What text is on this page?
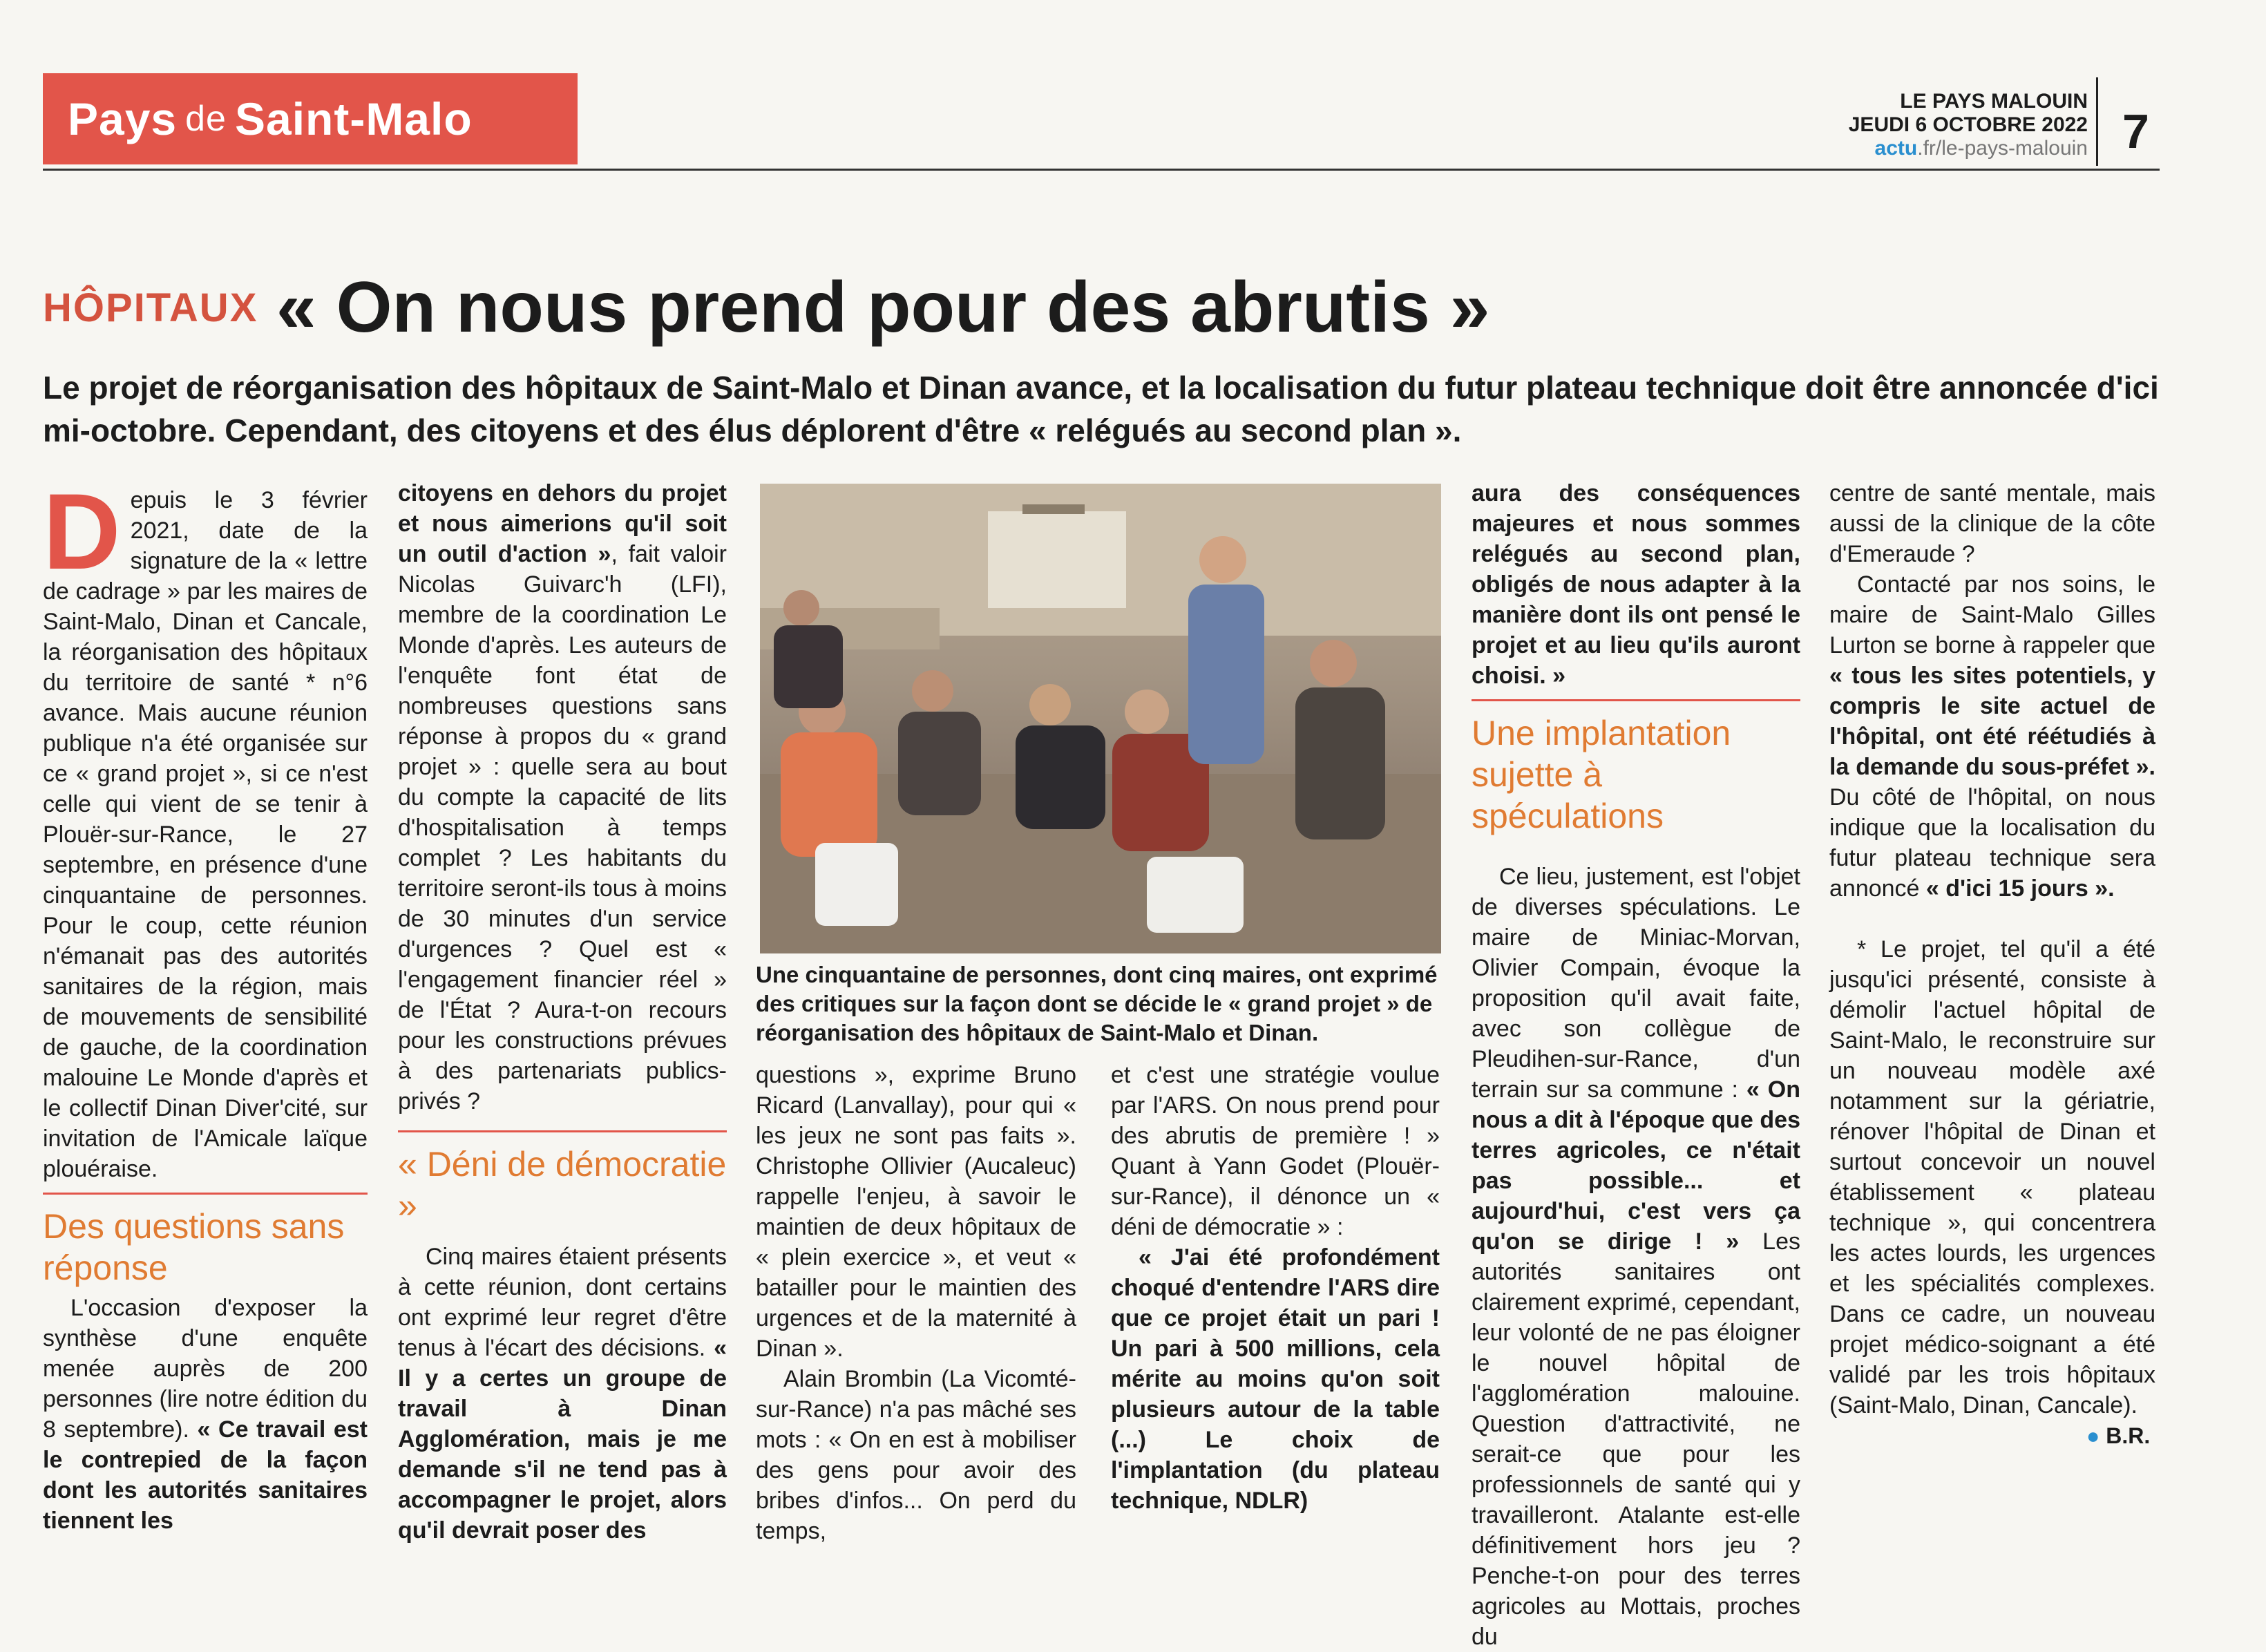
Pays de Saint-Malo	LE PAYS MALOUIN
JEUDI 6 OCTOBRE 2022
actu.fr/le-pays-malouin 7
HÔPITAUX « On nous prend pour des abrutis »
Le projet de réorganisation des hôpitaux de Saint-Malo et Dinan avance, et la localisation du futur plateau technique doit être annoncée d'ici mi-octobre. Cependant, des citoyens et des élus déplorent d'être « relégués au second plan ».

Depuis le 3 février 2021, date de la signature de la « lettre de cadrage » par les maires de Saint-Malo, Dinan et Cancale, la réorganisation des hôpitaux du territoire de santé * n°6 avance. Mais aucune réunion publique n'a été organisée sur ce « grand projet », si ce n'est celle qui vient de se tenir à Plouër-sur-Rance, le 27 septembre, en présence d'une cinquantaine de personnes. Pour le coup, cette réunion n'émanait pas des autorités sanitaires de la région, mais de mouvements de sensibilité de gauche, de la coordination malouine Le Monde d'après et le collectif Dinan Diver'cité, sur invitation de l'Amicale laïque plouéraise.

Des questions sans réponse

L'occasion d'exposer la synthèse d'une enquête menée auprès de 200 personnes (lire notre édition du 8 septembre). « Ce travail est le contrepied de la façon dont les autorités sanitaires tiennent les

citoyens en dehors du projet et nous aimerions qu'il soit un outil d'action », fait valoir Nicolas Guivarc'h (LFI), membre de la coordination Le Monde d'après. Les auteurs de l'enquête font état de nombreuses questions sans réponse à propos du « grand projet » : quelle sera au bout du compte la capacité de lits d'hospitalisation à temps complet ? Les habitants du territoire seront-ils tous à moins de 30 minutes d'un service d'urgences ? Quel est « l'engagement financier réel » de l'État ? Aura-t-on recours pour les constructions prévues à des partenariats publics-privés ?

« Déni de démocratie »

Cinq maires étaient présents à cette réunion, dont certains ont exprimé leur regret d'être tenus à l'écart des décisions. « Il y a certes un groupe de travail à Dinan Agglomération, mais je me demande s'il ne tend pas à accompagner le projet, alors qu'il devrait poser des

Une cinquantaine de personnes, dont cinq maires, ont exprimé des critiques sur la façon dont se décide le « grand projet » de réorganisation des hôpitaux de Saint-Malo et Dinan.

questions », exprime Bruno Ricard (Lanvallay), pour qui « les jeux ne sont pas faits ». Christophe Ollivier (Aucaleuc) rappelle l'enjeu, à savoir le maintien de deux hôpitaux de « plein exercice », et veut « batailler pour le maintien des urgences et de la maternité à Dinan ».

Alain Brombin (La Vicomté-sur-Rance) n'a pas mâché ses mots : « On en est à mobiliser des gens pour avoir des bribes d'infos... On perd du temps,

et c'est une stratégie voulue par l'ARS. On nous prend pour des abrutis de première ! » Quant à Yann Godet (Plouër-sur-Rance), il dénonce un « déni de démocratie » :

« J'ai été profondément choqué d'entendre l'ARS dire que ce projet était un pari ! Un pari à 500 millions, cela mérite au moins qu'on soit plusieurs autour de la table (...) Le choix de l'implantation (du plateau technique, NDLR)

aura des conséquences majeures et nous sommes relégués au second plan, obligés de nous adapter à la manière dont ils ont pensé le projet et au lieu qu'ils auront choisi. »

Une implantation sujette à spéculations

Ce lieu, justement, est l'objet de diverses spéculations. Le maire de Miniac-Morvan, Olivier Compain, évoque la proposition qu'il avait faite, avec son collègue de Pleudihen-sur-Rance, d'un terrain sur sa commune : « On nous a dit à l'époque que des terres agricoles, ce n'était pas possible... et aujourd'hui, c'est vers ça qu'on se dirige ! » Les autorités sanitaires ont clairement exprimé, cependant, leur volonté de ne pas éloigner le nouvel hôpital de l'agglomération malouine. Question d'attractivité, ne serait-ce que pour les professionnels de santé qui y travailleront. Atalante est-elle définitivement hors jeu ? Penche-t-on pour des terres agricoles au Mottais, proches du

centre de santé mentale, mais aussi de la clinique de la côte d'Emeraude ?

Contacté par nos soins, le maire de Saint-Malo Gilles Lurton se borne à rappeler que « tous les sites potentiels, y compris le site actuel de l'hôpital, ont été réétudiés à la demande du sous-préfet ». Du côté de l'hôpital, on nous indique que la localisation du futur plateau technique sera annoncé « d'ici 15 jours ».

* Le projet, tel qu'il a été jusqu'ici présenté, consiste à démolir l'actuel hôpital de Saint-Malo, le reconstruire sur un nouveau modèle axé notamment sur la gériatrie, rénover l'hôpital de Dinan et surtout concevoir un nouvel établissement « plateau technique », qui concentrera les actes lourds, les urgences et les spécialités complexes. Dans ce cadre, un nouveau projet médico-soignant a été validé par les trois hôpitaux (Saint-Malo, Dinan, Cancale).

● B.R.
